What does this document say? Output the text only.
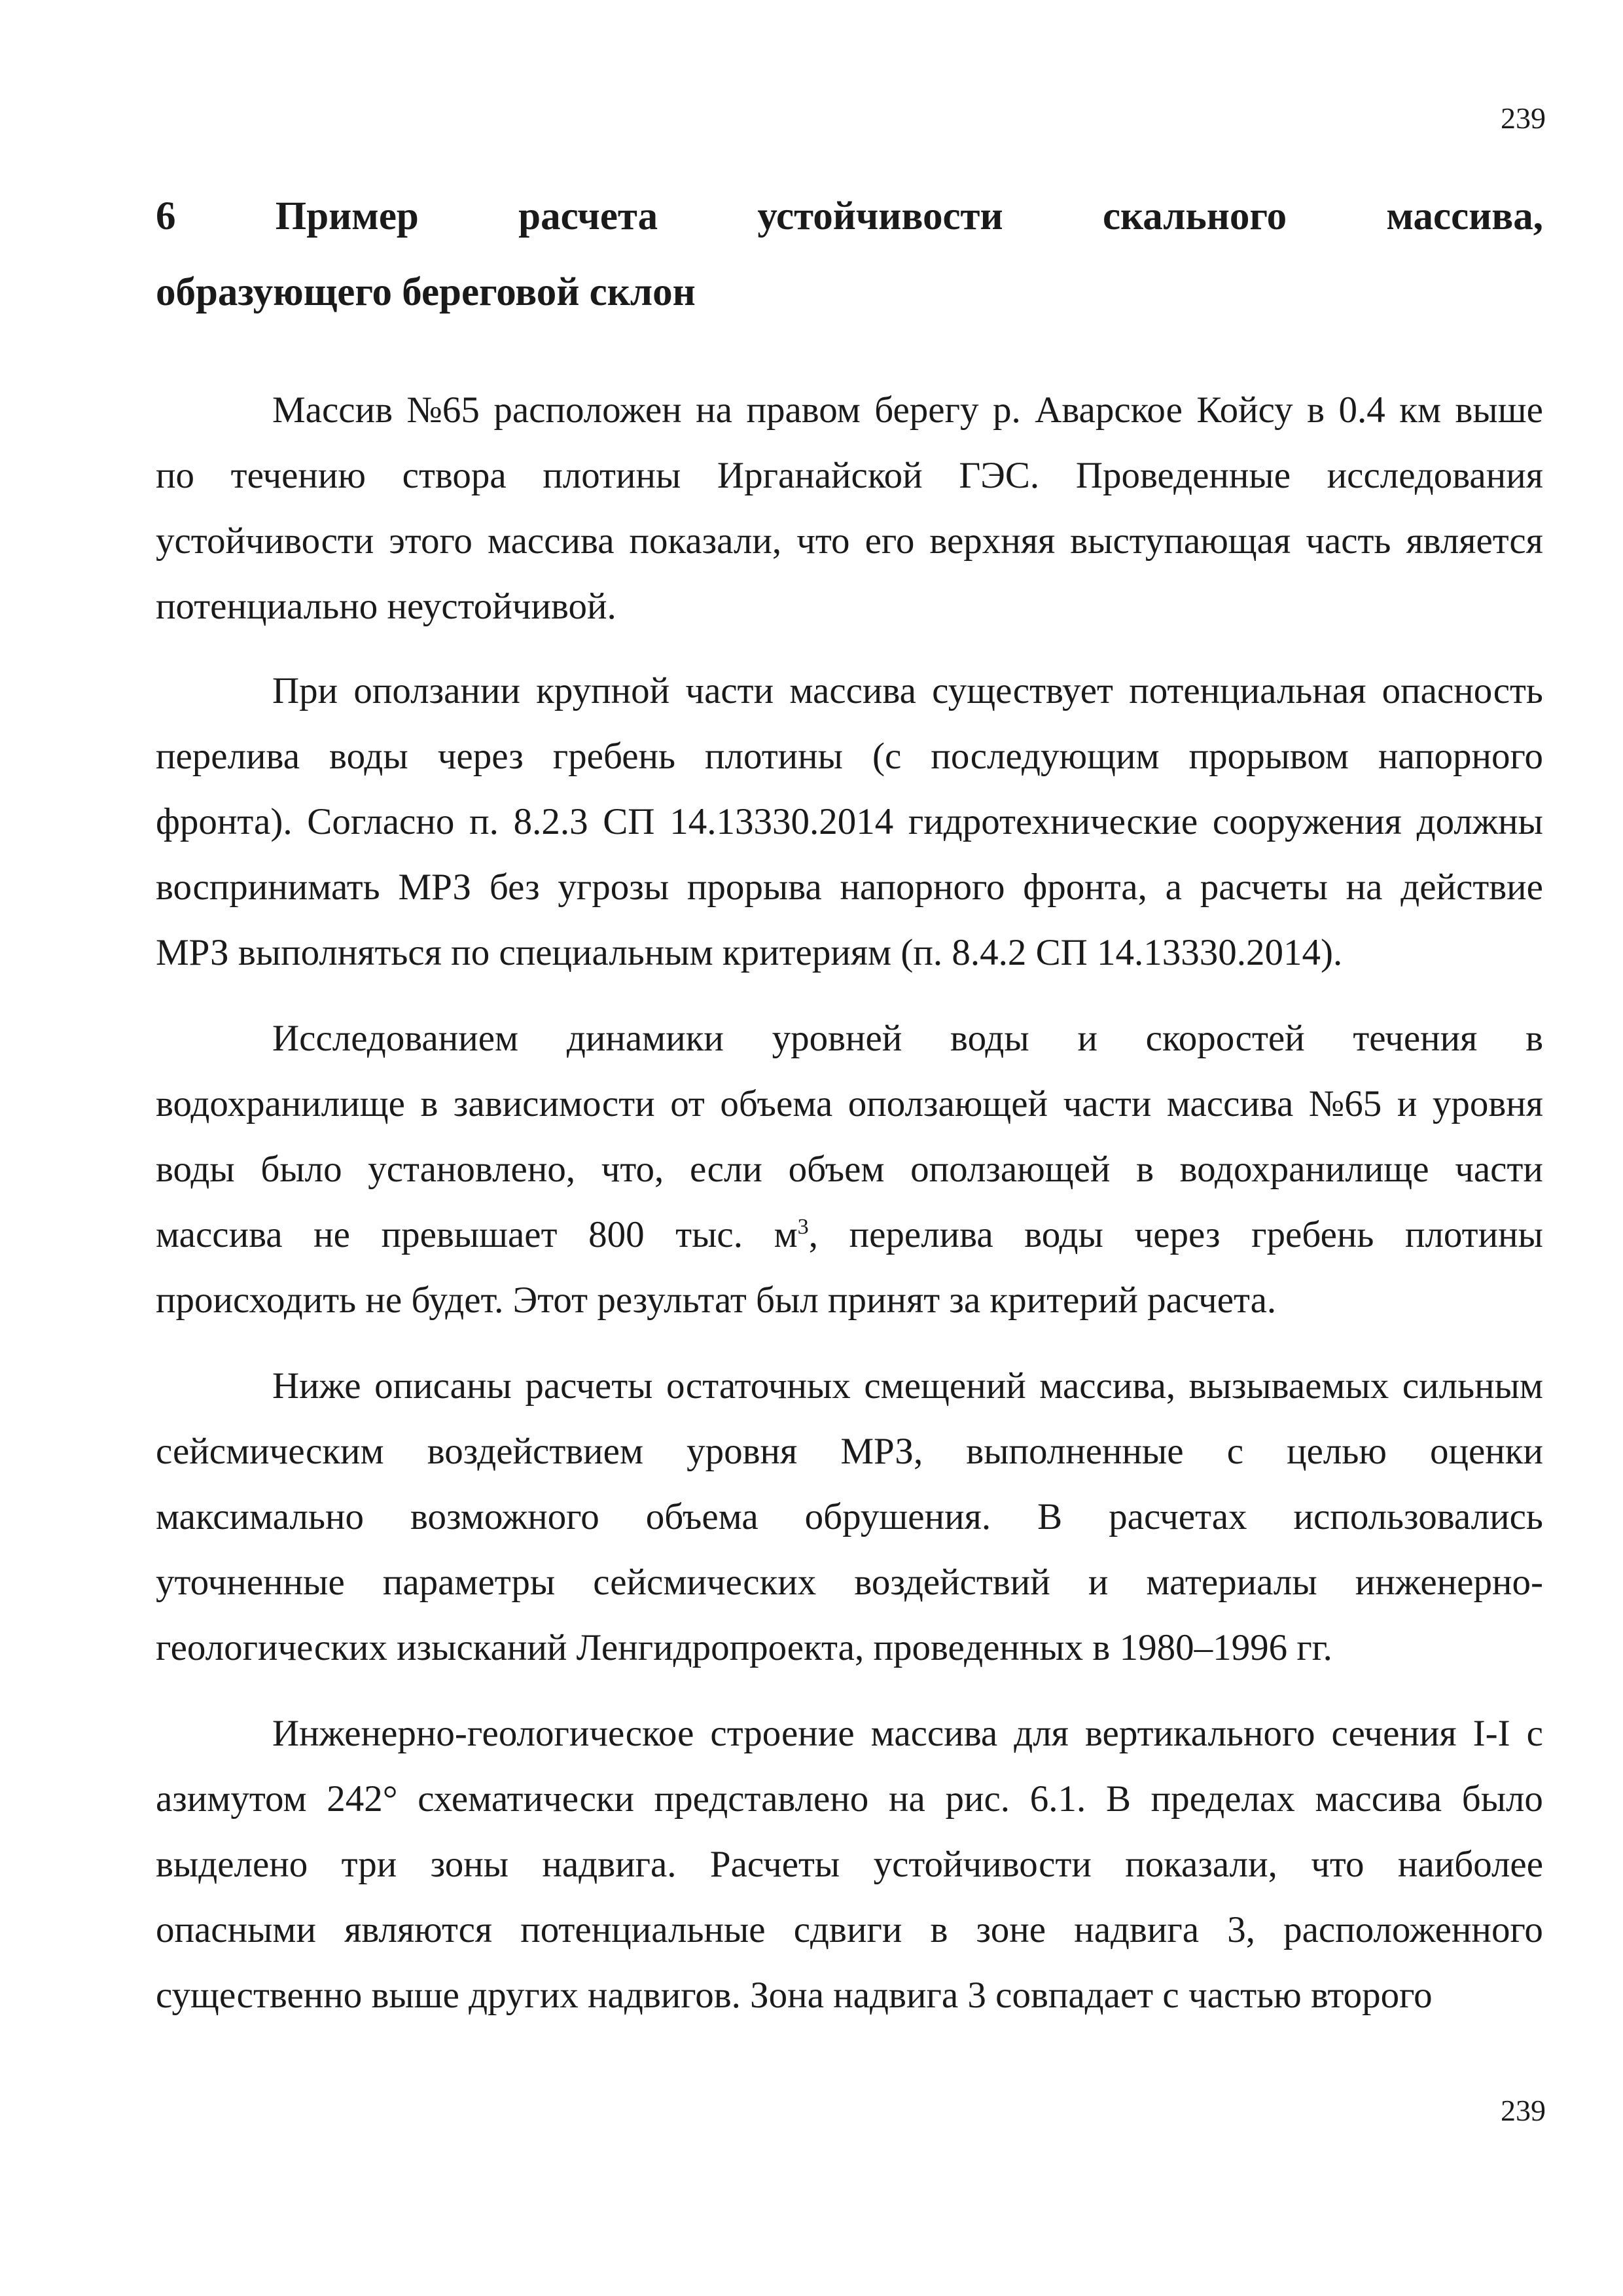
239
6 Пример расчета устойчивости скального массива,
образующего береговой склон
Массив №65 расположен на правом берегу р. Аварское Койсу в 0.4 км выше
по течению створа плотины Ирганайской ГЭС. Проведенные исследования
устойчивости этого массива показали, что его верхняя выступающая часть является
потенциально неустойчивой.
При оползании крупной части массива существует потенциальная опасность
перелива воды через гребень плотины (с последующим прорывом напорного
фронта). Согласно п. 8.2.3 СП 14.13330.2014 гидротехнические сооружения должны
воспринимать МРЗ без угрозы прорыва напорного фронта, а расчеты на действие
МРЗ выполняться по специальным критериям (п. 8.4.2 СП 14.13330.2014).
Исследованием динамики уровней воды и скоростей течения в
водохранилище в зависимости от объема оползающей части массива №65 и уровня
воды было установлено, что, если объем оползающей в водохранилище части
массива не превышает 800 тыс. $м^3$, перелива воды через гребень плотины
происходить не будет. Этот результат был принят за критерий расчета.
Ниже описаны расчеты остаточных смещений массива, вызываемых сильным
сейсмическим воздействием уровня МРЗ, выполненные с целью оценки
максимально возможного объема обрушения. В расчетах использовались
уточненные параметры сейсмических воздействий и материалы инженерно-
геологических изысканий Ленгидропроекта, проведенных в 1980–1996 гг.
Инженерно-геологическое строение массива для вертикального сечения I-I с
азимутом 242° схематически представлено на рис. 6.1. В пределах массива было
выделено три зоны надвига. Расчеты устойчивости показали, что наиболее
опасными являются потенциальные сдвиги в зоне надвига 3, расположенного
существенно выше других надвигов. Зона надвига 3 совпадает с частью второго
239
